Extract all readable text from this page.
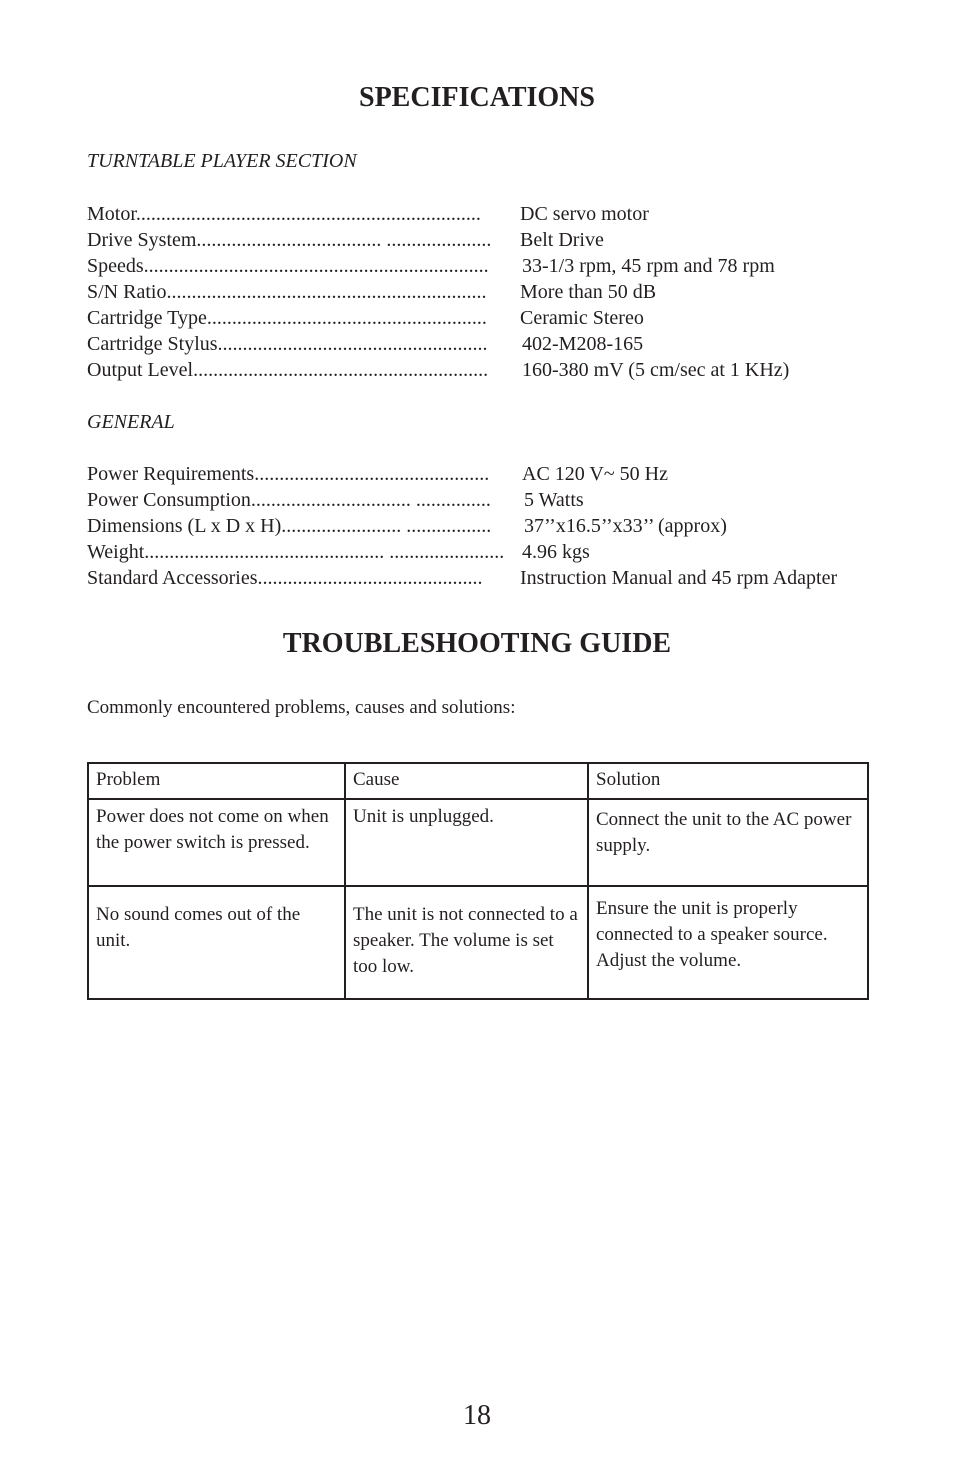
SPECIFICATIONS
TURNTABLE PLAYER SECTION

Motor.....................................................................

DC servo motor

Drive System..................................... .....................

Belt Drive

Speeds.....................................................................

33-1/3 rpm, 45 rpm and 78 rpm

S/N Ratio................................................................

More than 50 dB

Cartridge Type........................................................

Ceramic Stereo

Cartridge Stylus......................................................

402-M208-165

Output Level...........................................................

160-380 mV (5 cm/sec at 1 KHz)

GENERAL

Power Requirements...............................................

AC 120 V~ 50 Hz

Power Consumption................................ ...............

5 Watts

Dimensions (L x D x H)........................ .................

37’’x16.5’’x33’’ (approx)

Weight................................................ .......................

4.96 kgs

Standard Accessories.............................................

Instruction Manual and 45 rpm Adapter

TROUBLESHOOTING GUIDE
Commonly encountered problems, causes and solutions:
Problem	Cause	Solution
Power does not come on when the power switch is pressed.	Unit is unplugged.	Connect the unit to the AC power supply.
No sound comes out of the unit.	The unit is not connected to a speaker. The volume is set too low.	Ensure the unit is properly connected to a speaker source. Adjust the volume.
18
